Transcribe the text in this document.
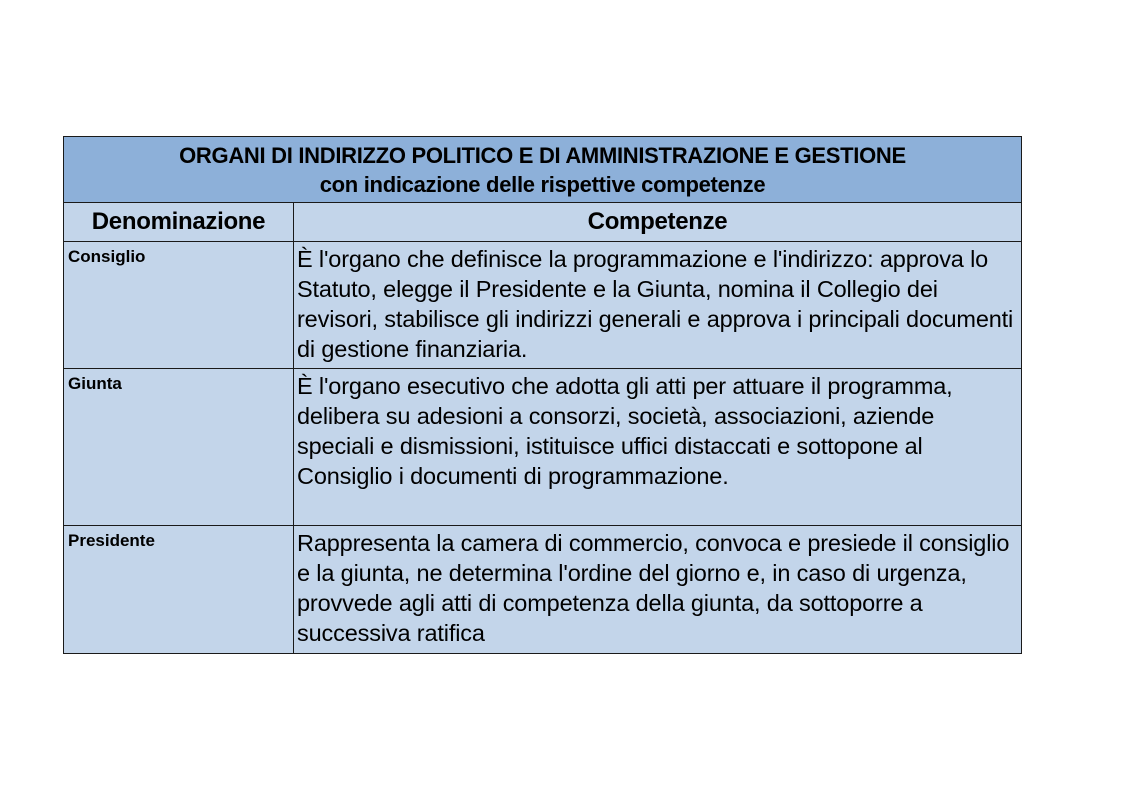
ORGANI DI INDIRIZZO POLITICO E DI AMMINISTRAZIONE E GESTIONE
con indicazione delle rispettive competenze	

Denominazione	Competenze
Consiglio	È l'organo che definisce la programmazione e l'indirizzo: approva lo Statuto, elegge il Presidente e la Giunta, nomina il Collegio dei revisori, stabilisce gli indirizzi generali e approva i principali documenti di gestione finanziaria.
Giunta	È l'organo esecutivo che adotta gli atti per attuare il programma, delibera su adesioni a consorzi, società, associazioni, aziende speciali e dismissioni, istituisce uffici distaccati e sottopone al Consiglio i documenti di programmazione.
Presidente	Rappresenta la camera di commercio, convoca e presiede il consiglio e la giunta, ne determina l'ordine del giorno e, in caso di urgenza, provvede agli atti di competenza della giunta, da sottoporre a successiva ratifica
